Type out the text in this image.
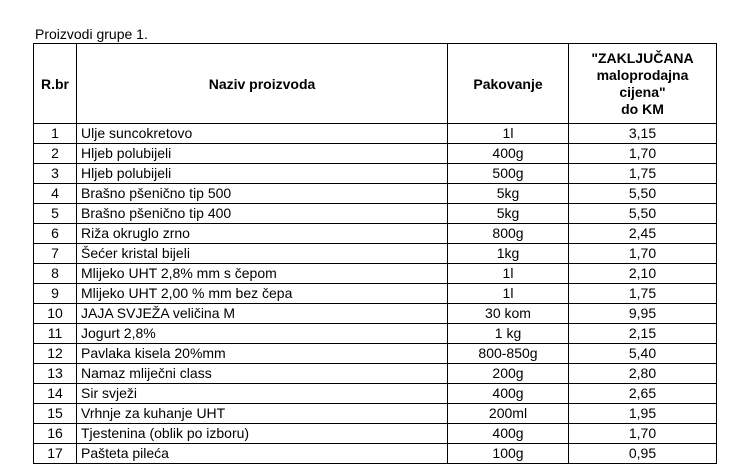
Proizvodi grupe 1.
R.br	Naziv proizvoda	Pakovanje	"ZAKLJUČANA
maloprodajna
cijena"
do KM

1	Ulje suncokretovo	1l	3,15
2	Hljeb polubijeli	400g	1,70
3	Hljeb polubijeli	500g	1,75
4	Brašno pšenično tip 500	5kg	5,50
5	Brašno pšenično tip 400	5kg	5,50
6	Riža okruglo zrno	800g	2,45
7	Šećer kristal bijeli	1kg	1,70
8	Mlijeko UHT 2,8% mm s čepom	1l	2,10
9	Mlijeko UHT 2,00 % mm bez čepa	1l	1,75
10	JAJA SVJEŽA veličina M	30 kom	9,95
11	Jogurt 2,8%	1 kg	2,15
12	Pavlaka kisela 20%mm	800-850g	5,40
13	Namaz mliječni class	200g	2,80
14	Sir svježi	400g	2,65
15	Vrhnje za kuhanje UHT	200ml	1,95
16	Tjestenina (oblik po izboru)	400g	1,70
17	Pašteta pileća	100g	0,95
